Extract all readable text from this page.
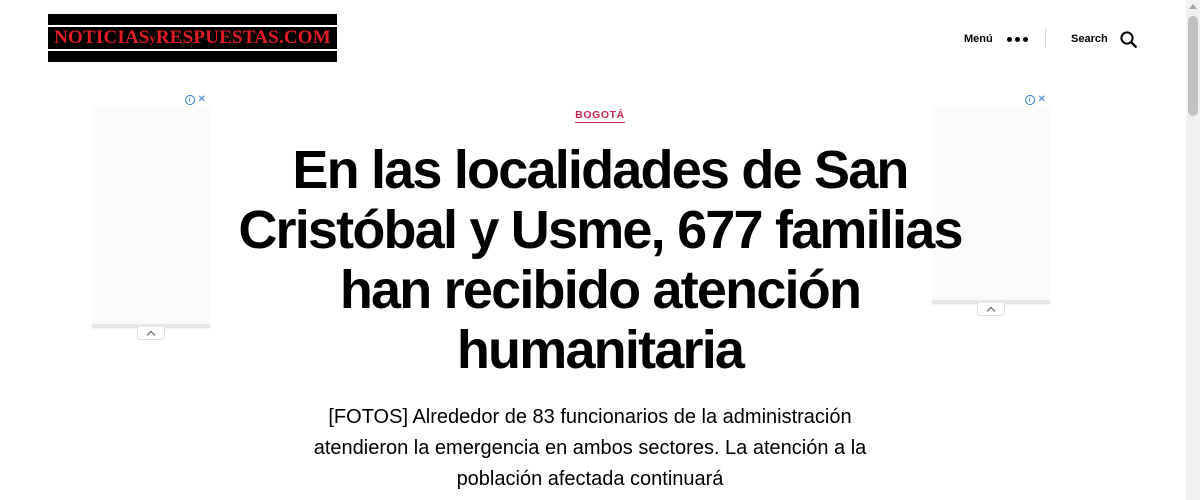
NOTICIASyRESPUESTAS.COM	Menú	Search
i ✕	i ✕
BOGOTÁ
En las localidades de San Cristóbal y Usme, 677 familias han recibido atención humanitaria

[FOTOS] Alrededor de 83 funcionarios de la administración atendieron la emergencia en ambos sectores. La atención a la población afectada continuará
